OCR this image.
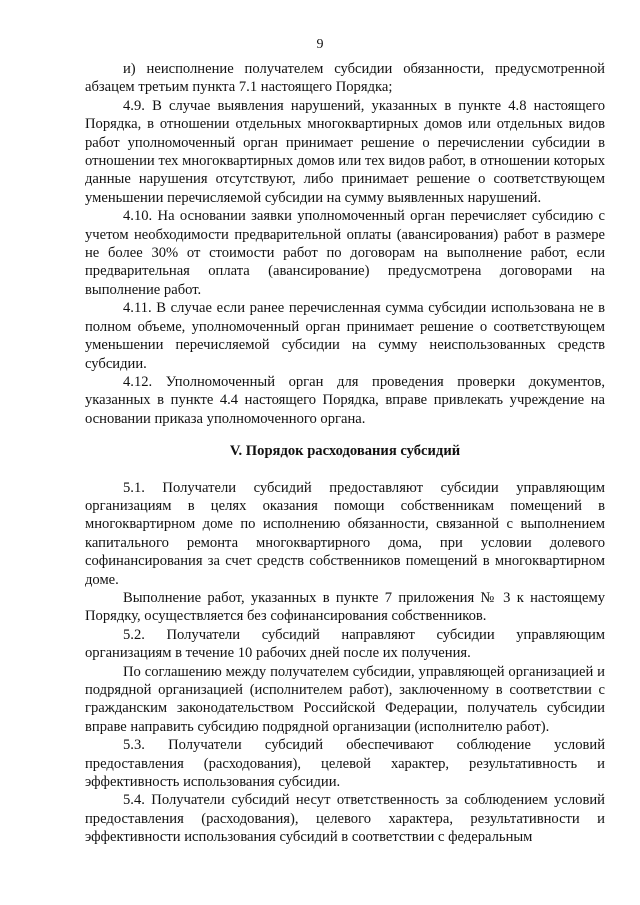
9

и) неисполнение получателем субсидии обязанности, предусмотренной абзацем третьим пункта 7.1 настоящего Порядка;

4.9. В случае выявления нарушений, указанных в пункте 4.8 настоящего Порядка, в отношении отдельных многоквартирных домов или отдельных видов работ уполномоченный орган принимает решение о перечислении субсидии в отношении тех многоквартирных домов или тех видов работ, в отношении которых данные нарушения отсутствуют, либо принимает решение о соответствующем уменьшении перечисляемой субсидии на сумму выявленных нарушений.

4.10. На основании заявки уполномоченный орган перечисляет субсидию с учетом необходимости предварительной оплаты (авансирования) работ в размере не более 30% от стоимости работ по договорам на выполнение работ, если предварительная оплата (авансирование) предусмотрена договорами на выполнение работ.

4.11. В случае если ранее перечисленная сумма субсидии использована не в полном объеме, уполномоченный орган принимает решение о соответствующем уменьшении перечисляемой субсидии на сумму неиспользованных средств субсидии.

4.12. Уполномоченный орган для проведения проверки документов, указанных в пункте 4.4 настоящего Порядка, вправе привлекать учреждение на основании приказа уполномоченного органа.

V. Порядок расходования субсидий

5.1. Получатели субсидий предоставляют субсидии управляющим организациям в целях оказания помощи собственникам помещений в многоквартирном доме по исполнению обязанности, связанной с выполнением капитального ремонта многоквартирного дома, при условии долевого софинансирования за счет средств собственников помещений в многоквартирном доме.

Выполнение работ, указанных в пункте 7 приложения № 3 к настоящему Порядку, осуществляется без софинансирования собственников.

5.2. Получатели субсидий направляют субсидии управляющим организациям в течение 10 рабочих дней после их получения.

По соглашению между получателем субсидии, управляющей организацией и подрядной организацией (исполнителем работ), заключенному в соответствии с гражданским законодательством Российской Федерации, получатель субсидии вправе направить субсидию подрядной организации (исполнителю работ).

5.3. Получатели субсидий обеспечивают соблюдение условий предоставления (расходования), целевой характер, результативность и эффективность использования субсидии.

5.4. Получатели субсидий несут ответственность за соблюдением условий предоставления (расходования), целевого характера, результативности и эффективности использования субсидий в соответствии с федеральным
